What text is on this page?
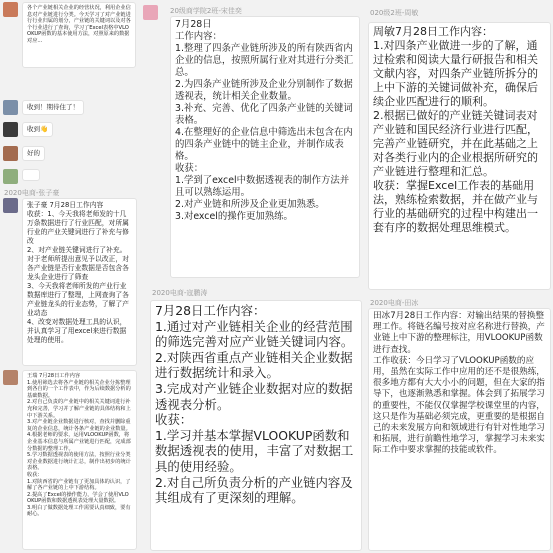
各个产业链相关企业的经营状况，利用企业信息对产业链进行分类。今天学习了对产业链进行行业归属的划分，产业链的关键词以及对各个行业进行了查询，学习了Excel表格中VLOOKUP函数的基本使用方法，对照原来的数据对应...
收到！期待住了！
收到👋
好的
2020电商-张子豪
张子豪 7月28日工作内容
收获：1、今天我将老师发的十几万条数据进行了行业匹配，对所属行业的产业关键词进行了补充与修改
2、对产业链关键词进行了补充。对于老师所提出意见予以改正，对各产业链是否行业数据是否包含各龙头企业进行了筛查
3、今天我将老师所发的产业行业数据库进行了整理，上网查询了各产业链龙头的行业态势，了解了产业动态
4、改变对数据处理工具的认识，并认真学习了用excel来进行数据处理的使用。
王瑞 7月28日工作内容
1.使用筛选去将各产业链的相关企业分拣整理到各自的一个工作表中，作为后续数据分析的基础数据。
2.对自己负责的产业链中的相关关键词进行补充和完善，学习并了解产业链的具体结构和上中下游关系。
3.对产业链企业数据进行核对，查找并删除重复的企业信息，统计各条产业链的企业数量。
4.根据老师的要求，运用VLOOKUP函数，将企业基本信息与所属产业链进行匹配，完成部分数据的整理工作。
5.学习数据透视表的使用方法，按照行业分类对企业数据进行统计汇总，制作出初步的统计表格。
收获：
1.对陕西省的产业链有了更加具体的认识，了解了各产业链的上中下游结构。
2.提高了Excel的操作能力，学会了使用VLOOKUP函数和数据透视表处理大量数据。
3.明白了做数据处理工作需要认真细致，要有耐心。
20级商学院2班-宋佳奕
7月28日
工作内容：
1.整理了四条产业链所涉及的所有陕西省内企业的信息，按照所属行业对其进行分类汇总。
2.为四条产业链所涉及企业分别制作了数据透视表，统计相关企业数量。
3.补充、完善、优化了四条产业链的关键词表格。
4.在整理好的企业信息中筛选出未包含在内的四条产业链中的链主企业，并制作成表格。
收获：
1.学到了excel中数据透视表的制作方法并且可以熟练运用。
2.对产业链和所涉及企业更加熟悉。
3.对excel的操作更加熟练。
2020电商-寇鹏涛
7月28日工作内容：
1.通过对产业链相关企业的经营范围的筛选完善对应产业链关键词内容。
2.对陕西省重点产业链相关企业数据进行数据统计和录入。
3.完成对产业链企业数据对应的数据透视表分析。
收获：
1.学习并基本掌握VLOOKUP函数和数据透视表的使用，丰富了对数据工具的使用经验。
2.对自己所负责分析的产业链内容及其组成有了更深刻的理解。
020级2班-周敏
周敏7月28日工作内容：
1.对四条产业做进一步的了解，通过检索和阅读大量行研报告和相关文献内容，对四条产业链所拆分的上中下游的关键词做补充，确保后续企业匹配进行的顺利。
2.根据已做好的产业链关键词表对产业链和国民经济行业进行匹配，完善产业链研究，并在此基础之上对各类行业内的企业根据所研究的产业链进行整理和汇总。
收获：掌握Excel工作表的基础用法，熟练检索数据，并在做产业与行业的基础研究的过程中构建出一套有序的数据处理思维模式。
2020电商-田冰
田冰7月28日工作内容：对输出结果的替换整理工作。将链名编号按对应名称进行替换，产业链上中下游的整理标注，用VLOOKUP函数进行查找。
工作收获：今日学习了VLOOKUP函数的应用，虽然在实际工作中应用的还不是很熟练，很多地方都有大大小小的问题，但在大家的指导下，也逐渐熟悉和掌握。体会到了拓展学习的重要性，不能仅仅掌握学校课堂里的内容，这只是作为基础必须完成，更重要的是根据自己的未来发展方向和领域进行有针对性地学习和拓展，进行前瞻性地学习，掌握学习未来实际工作中要求掌握的技能或软件。
